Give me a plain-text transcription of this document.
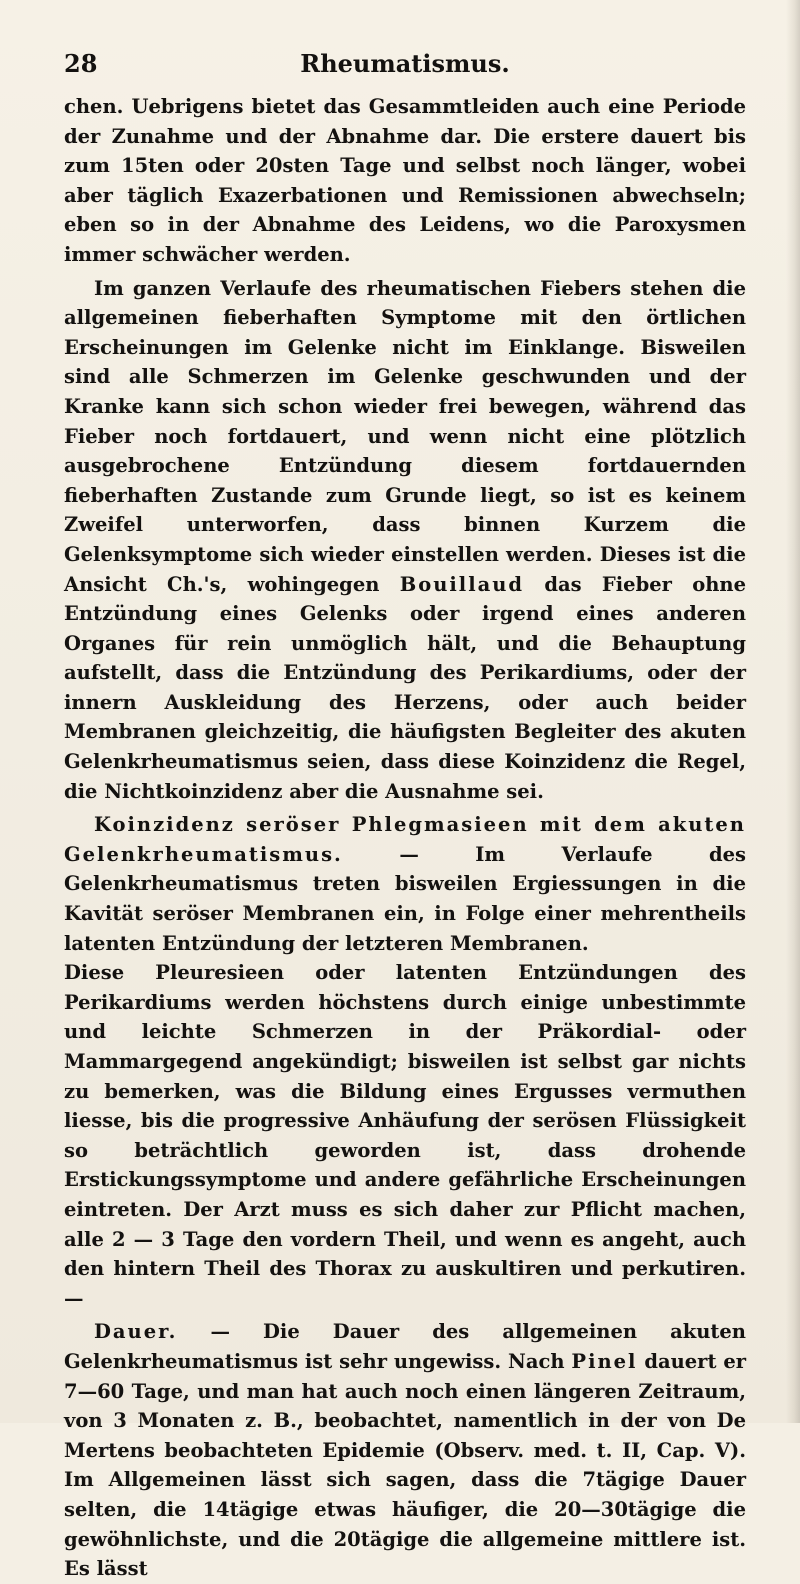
28	Rheumatismus.

chen. Uebrigens bietet das Gesammtleiden auch eine Periode der Zunahme und der Abnahme dar. Die erstere dauert bis zum 15ten oder 20sten Tage und selbst noch länger, wobei aber täglich Exazerbationen und Remissionen abwechseln; eben so in der Abnahme des Leidens, wo die Paroxysmen immer schwächer werden.

Im ganzen Verlaufe des rheumatischen Fiebers stehen die allgemeinen fieberhaften Symptome mit den örtlichen Erscheinungen im Gelenke nicht im Einklange. Bisweilen sind alle Schmerzen im Gelenke geschwunden und der Kranke kann sich schon wieder frei bewegen, während das Fieber noch fortdauert, und wenn nicht eine plötzlich ausgebrochene Entzündung diesem fortdauernden fieberhaften Zustande zum Grunde liegt, so ist es keinem Zweifel unterworfen, dass binnen Kurzem die Gelenksymptome sich wieder einstellen werden. Dieses ist die Ansicht Ch.'s, wohingegen Bouillaud das Fieber ohne Entzündung eines Gelenks oder irgend eines anderen Organes für rein unmöglich hält, und die Behauptung aufstellt, dass die Entzündung des Perikardiums, oder der innern Auskleidung des Herzens, oder auch beider Membranen gleichzeitig, die häufigsten Begleiter des akuten Gelenkrheumatismus seien, dass diese Koinzidenz die Regel, die Nichtkoinzidenz aber die Ausnahme sei.

Koinzidenz seröser Phlegmasieen mit dem akuten Gelenkrheumatismus.	— Im Verlaufe des Gelenkrheumatismus treten bisweilen Ergiessungen in die Kavität seröser Membranen ein, in Folge einer mehrentheils latenten Entzündung der letzteren Membranen.

Diese Pleuresieen oder latenten Entzündungen des Perikardiums werden höchstens durch einige unbestimmte und leichte Schmerzen in der Präkordial- oder Mammargegend angekündigt; bisweilen ist selbst gar nichts zu bemerken, was die Bildung eines Ergusses vermuthen liesse, bis die progressive Anhäufung der serösen Flüssigkeit so beträchtlich geworden ist, dass drohende Erstickungssymptome und andere gefährliche Erscheinungen eintreten. Der Arzt muss es sich daher zur Pflicht machen, alle 2 — 3 Tage den vordern Theil, und wenn es angeht, auch den hintern Theil des Thorax zu auskultiren und perkutiren. —

Dauer. — Die Dauer des allgemeinen akuten Gelenkrheumatismus ist sehr ungewiss. Nach Pinel dauert er 7—60 Tage, und man hat auch noch einen längeren Zeitraum, von 3 Monaten z. B., beobachtet, namentlich in der von De Mertens beobachteten Epidemie (Observ. med. t. II, Cap. V). Im Allgemeinen lässt sich sagen, dass die 7tägige Dauer selten, die 14tägige etwas häufiger, die 20—30tägige die gewöhnlichste, und die 20tägige die allgemeine mittlere ist. Es lässt
